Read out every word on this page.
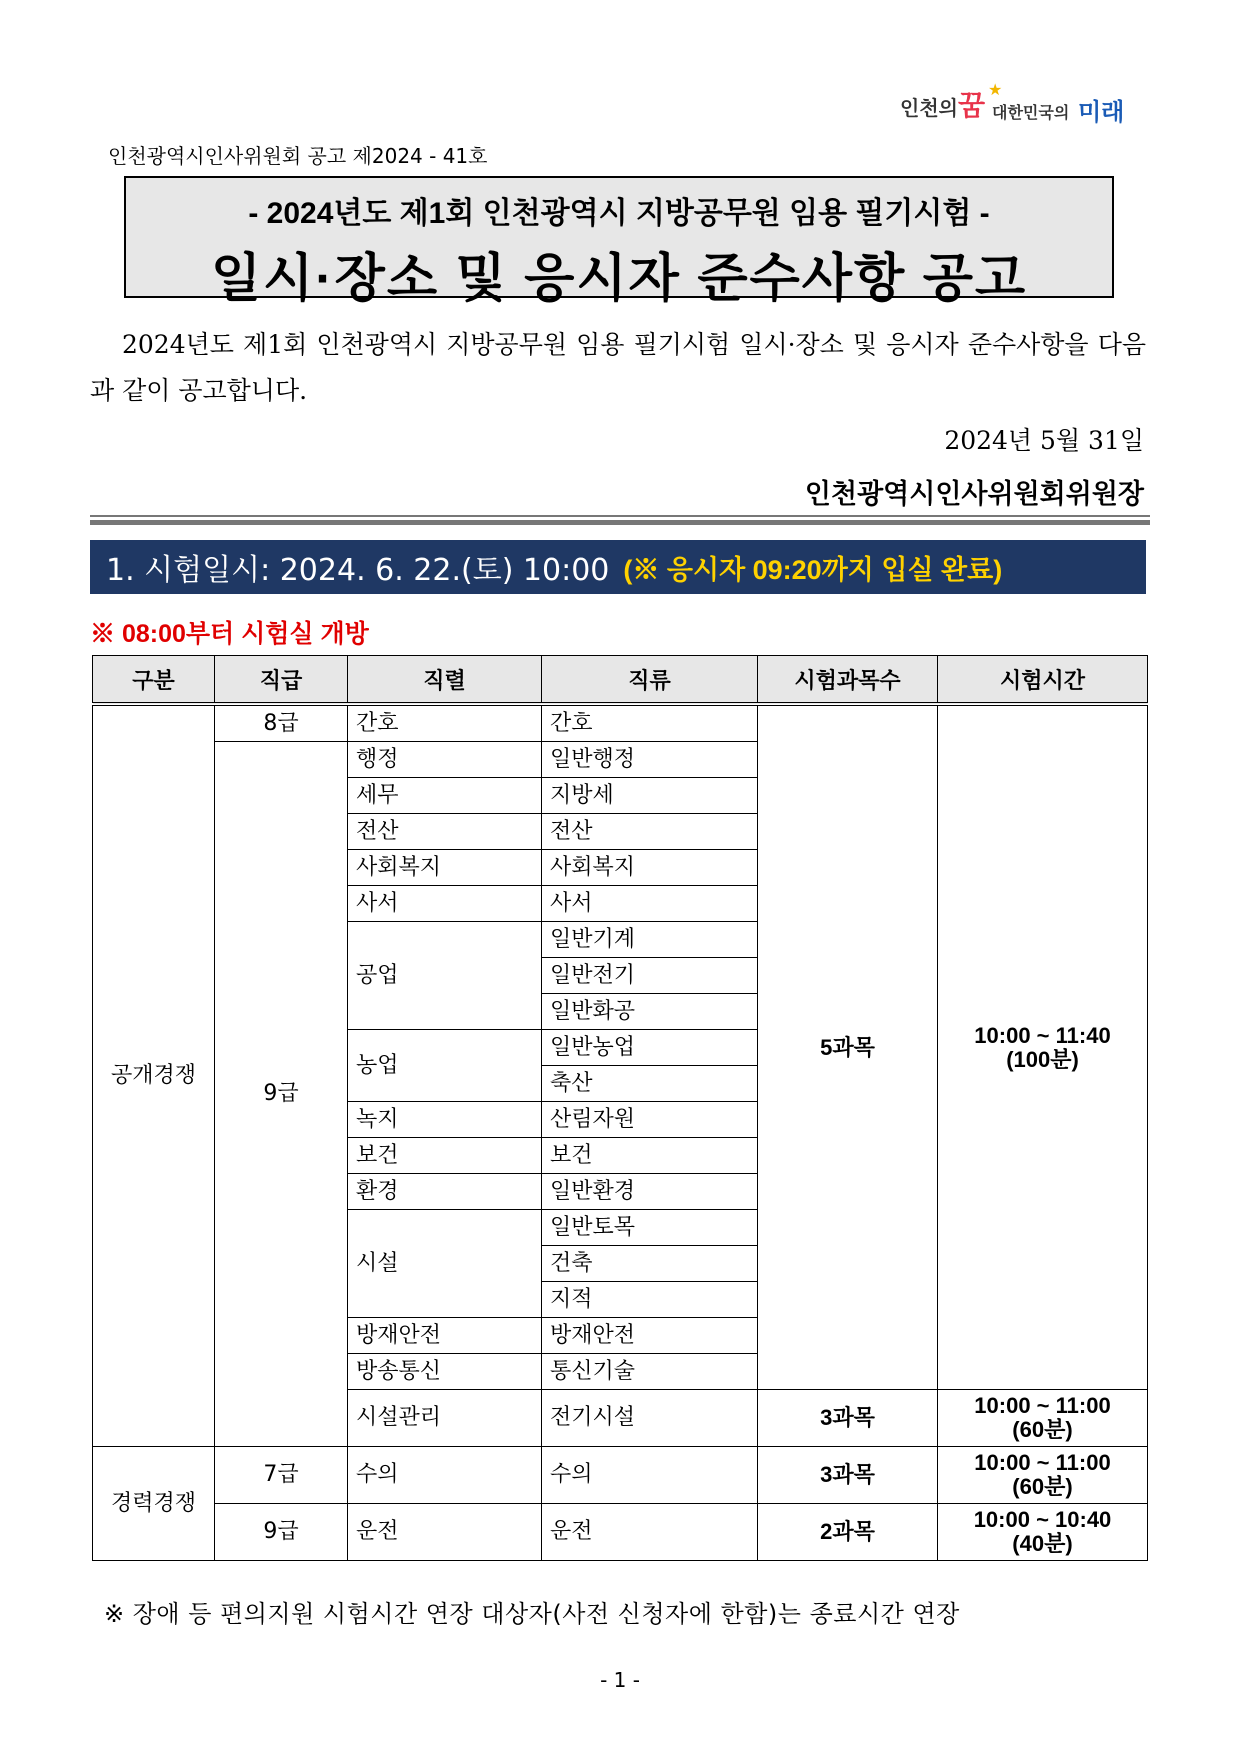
인천의 꿈 ★
대한민국의 미래
인천광역시인사위원회 공고 제2024 - 41호
- 2024년도 제1회 인천광역시 지방공무원 임용 필기시험 -
일시·장소 및 응시자 준수사항 공고
2024년도 제1회 인천광역시 지방공무원 임용 필기시험 일시·장소 및 응시자 준수사항을 다음과 같이 공고합니다.
2024년 5월 31일
인천광역시인사위원회위원장
1. 시험일시: 2024. 6. 22.(토) 10:00 (※ 응시자 09:20까지 입실 완료)
※ 08:00부터 시험실 개방
구분	직급	직렬	직류	시험과목수	시험시간
공개경쟁	8급	간호	간호	5과목	10:00 ~ 11:40
(100분)

	9급	행정	일반행정		
		세무	지방세		
		전산	전산		
		사회복지	사회복지		
		사서	사서		
		공업	일반기계		
			일반전기		
			일반화공		
		농업	일반농업		
			축산		
		녹지	산림자원		
		보건	보건		
		환경	일반환경		
		시설	일반토목		
			건축		
			지적		
		방재안전	방재안전		
		방송통신	통신기술		
		시설관리	전기시설	3과목	10:00 ~ 11:00
(60분)

경력경쟁	7급	수의	수의	3과목	10:00 ~ 11:00
(60분)

	9급	운전	운전	2과목	10:00 ~ 10:40
(40분)
※ 장애 등 편의지원 시험시간 연장 대상자(사전 신청자에 한함)는 종료시간 연장
- 1 -
